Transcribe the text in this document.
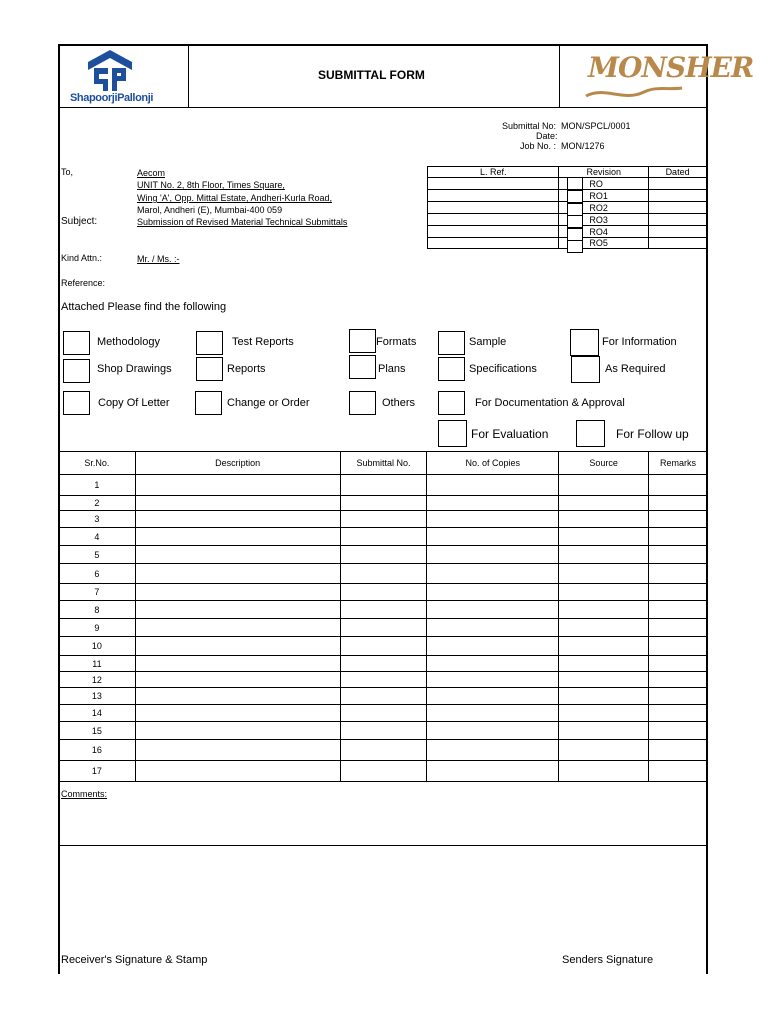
ShapoorjiPallonji
SUBMITTAL FORM	MONSHER
Submittal No: MON/SPCL/0001
Date:
Job No. : MON/1276
To,	Aecom
UNIT No. 2, 8th Floor, Times Square,
Wing 'A', Opp. Mittal Estate, Andheri-Kurla Road,
Marol, Andheri (E), Mumbai-400 059
Subject:	Submission of Revised Material Technical Submittals
Kind Attn.:	Mr. / Ms. :-
Reference:
L. Ref.	Revision	Dated
	RO	
	RO1	
	RO2	
	RO3	
	RO4	
	RO5	
Attached Please find the following
Methodology	Test Reports	Formats	Sample	For Information
Shop Drawings	Reports	Plans	Specifications	As Required
Copy Of Letter	Change or Order	Others	For Documentation & Approval
For Evaluation	For Follow up
Sr.No.	Description	Submittal No.	No. of Copies	Source	Remarks
1					
2					
3					
4					
5					
6					
7					
8					
9					
10					
11					
12					
13					
14					
15					
16					
17					
Comments:
Receiver's Signature & Stamp	Senders Signature
